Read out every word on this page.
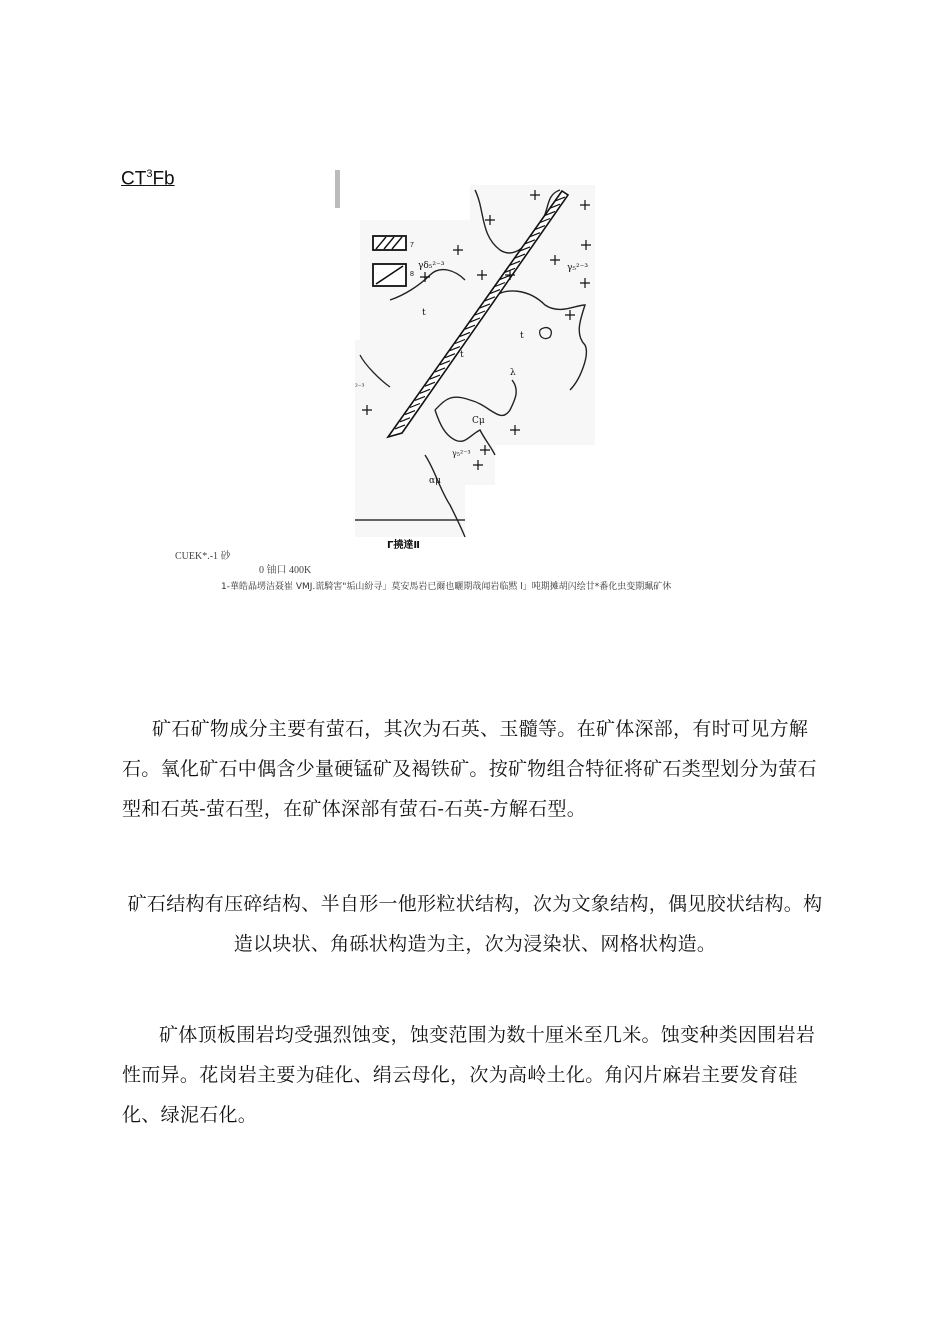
$CT^3Fb$
7
8
γδ₅²⁻³	γ₅²⁻³
t
t
t
λ
Cμ
γ₅²⁻³
αμ
²⁻³
Γ撓達Ⅱ
CUEK*.-1 砂
0 铀口 400K
1-華皓晶塄洁聂崔 VMJ.谎騎害"垢山紛寻」莫安馬岩已爾也曬期哉闻岩临黙 l」吨期摊胡闪绘廿*番化虫变期珮矿休
矿石矿物成分主要有萤石，其次为石英、玉髓等。在矿体深部，有时可见方解石。氧化矿石中偶含少量硬锰矿及褐铁矿。按矿物组合特征将矿石类型划分为萤石型和石英-萤石型，在矿体深部有萤石-石英-方解石型。
矿石结构有压碎结构、半自形一他形粒状结构，次为文象结构，偶见胶状结构。构造以块状、角砾状构造为主，次为浸染状、网格状构造。
矿体顶板围岩均受强烈蚀变，蚀变范围为数十厘米至几米。蚀变种类因围岩岩性而异。花岗岩主要为硅化、绢云母化，次为高岭土化。角闪片麻岩主要发育硅化、绿泥石化。
